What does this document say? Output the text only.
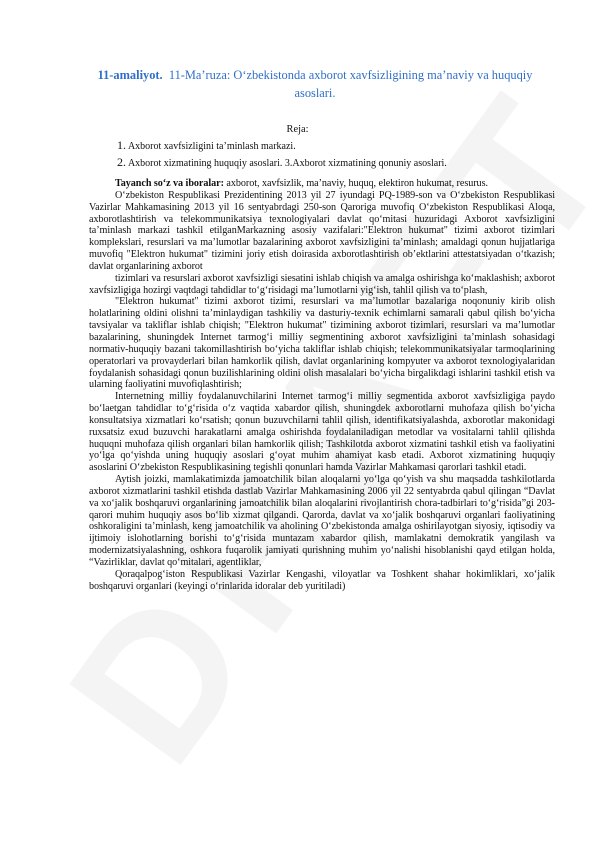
11-amaliyot. 11-Ma’ruza: O‘zbekistonda axborot xavfsizligining ma’naviy va huquqiy asoslari.
Reja:
1. Axborot xavfsizligini ta’minlash markazi.
2. Axborot xizmatining huquqiy asoslari. 3.Axborot xizmatining qonuniy asoslari.

Tayanch so‘z va iboralar: axborot, xavfsizlik, ma’naviy, huquq, elektiron hukumat, resurus.

O‘zbekiston Respublikasi Prezidentining 2013 yil 27 iyundagi PQ-1989-son va O‘zbekiston Respublikasi Vazirlar Mahkamasining 2013 yil 16 sentyabrdagi 250-son Qaroriga muvofiq O‘zbekiston Respublikasi Aloqa, axborotlashtirish va telekommunikatsiya texnologiyalari davlat qo‘mitasi huzuridagi Axborot xavfsizligini ta’minlash markazi tashkil etilganMarkazning asosiy vazifalari:"Elektron hukumat" tizimi axborot tizimlari komplekslari, resurslari va ma’lumotlar bazalarining axborot xavfsizligini ta’minlash; amaldagi qonun hujjatlariga muvofiq "Elektron hukumat" tizimini joriy etish doirasida axborotlashtirish ob’ektlarini attestatsiyadan o‘tkazish; davlat organlarining axborot

tizimlari va resurslari axborot xavfsizligi siesatini ishlab chiqish va amalga oshirishga ko‘maklashish; axborot xavfsizligiga hozirgi vaqtdagi tahdidlar to‘g‘risidagi ma’lumotlarni yig‘ish, tahlil qilish va to‘plash,

"Elektron hukumat" tizimi axborot tizimi, resurslari va ma’lumotlar bazalariga noqonuniy kirib olish holatlarining oldini olishni ta’minlaydigan tashkiliy va dasturiy-texnik echimlarni samarali qabul qilish bo‘yicha tavsiyalar va takliflar ishlab chiqish; "Elektron hukumat" tizimining axborot tizimlari, resurslari va ma’lumotlar bazalarining, shuningdek Internet tarmog‘i milliy segmentining axborot xavfsizligini ta’minlash sohasidagi normativ-huquqiy bazani takomillashtirish bo‘yicha takliflar ishlab chiqish; telekommunikatsiyalar tarmoqlarining operatorlari va provayderlari bilan hamkorlik qilish, davlat organlarining kompyuter va axborot texnologiyalaridan foydalanish sohasidagi qonun buzilishlarining oldini olish masalalari bo‘yicha birgalikdagi ishlarini tashkil etish va ularning faoliyatini muvofiqlashtirish;

Internetning milliy foydalanuvchilarini Internet tarmog‘i milliy segmentida axborot xavfsizligiga paydo bo‘laetgan tahdidlar to‘g‘risida o‘z vaqtida xabardor qilish, shuningdek axborotlarni muhofaza qilish bo‘yicha konsultatsiya xizmatlari ko‘rsatish; qonun buzuvchilarni tahlil qilish, identifikatsiyalashda, axborotlar makonidagi ruxsatsiz exud buzuvchi harakatlarni amalga oshirishda foydalaniladigan metodlar va vositalarni tahlil qilishda huquqni muhofaza qilish organlari bilan hamkorlik qilish; Tashkilotda axborot xizmatini tashkil etish va faoliyatini yo‘lga qo‘yishda uning huquqiy asoslari g‘oyat muhim ahamiyat kasb etadi. Axborot xizmatining huquqiy asoslarini O‘zbekiston Respublikasining tegishli qonunlari hamda Vazirlar Mahkamasi qarorlari tashkil etadi.

Aytish joizki, mamlakatimizda jamoatchilik bilan aloqalarni yo‘lga qo‘yish va shu maqsadda tashkilotlarda axborot xizmatlarini tashkil etishda dastlab Vazirlar Mahkamasining 2006 yil 22 sentyabrda qabul qilingan “Davlat va xo‘jalik boshqaruvi organlarining jamoatchilik bilan aloqalarini rivojlantirish chora-tadbirlari to‘g‘risida”gi 203-qarori muhim huquqiy asos bo‘lib xizmat qilgandi. Qarorda, davlat va xo‘jalik boshqaruvi organlari faoliyatining oshkoraligini ta’minlash, keng jamoatchilik va aholining O‘zbekistonda amalga oshirilayotgan siyosiy, iqtisodiy va ijtimoiy islohotlarning borishi to‘g‘risida muntazam xabardor qilish, mamlakatni demokratik yangilash va modernizatsiyalashning, oshkora fuqarolik jamiyati qurishning muhim yo‘nalishi hisoblanishi qayd etilgan holda, “Vazirliklar, davlat qo‘mitalari, agentliklar,

Qoraqalpog‘iston Respublikasi Vazirlar Kengashi, viloyatlar va Toshkent shahar hokimliklari, xo‘jalik boshqaruvi organlari (keyingi o‘rinlarida idoralar deb yuritiladi)
